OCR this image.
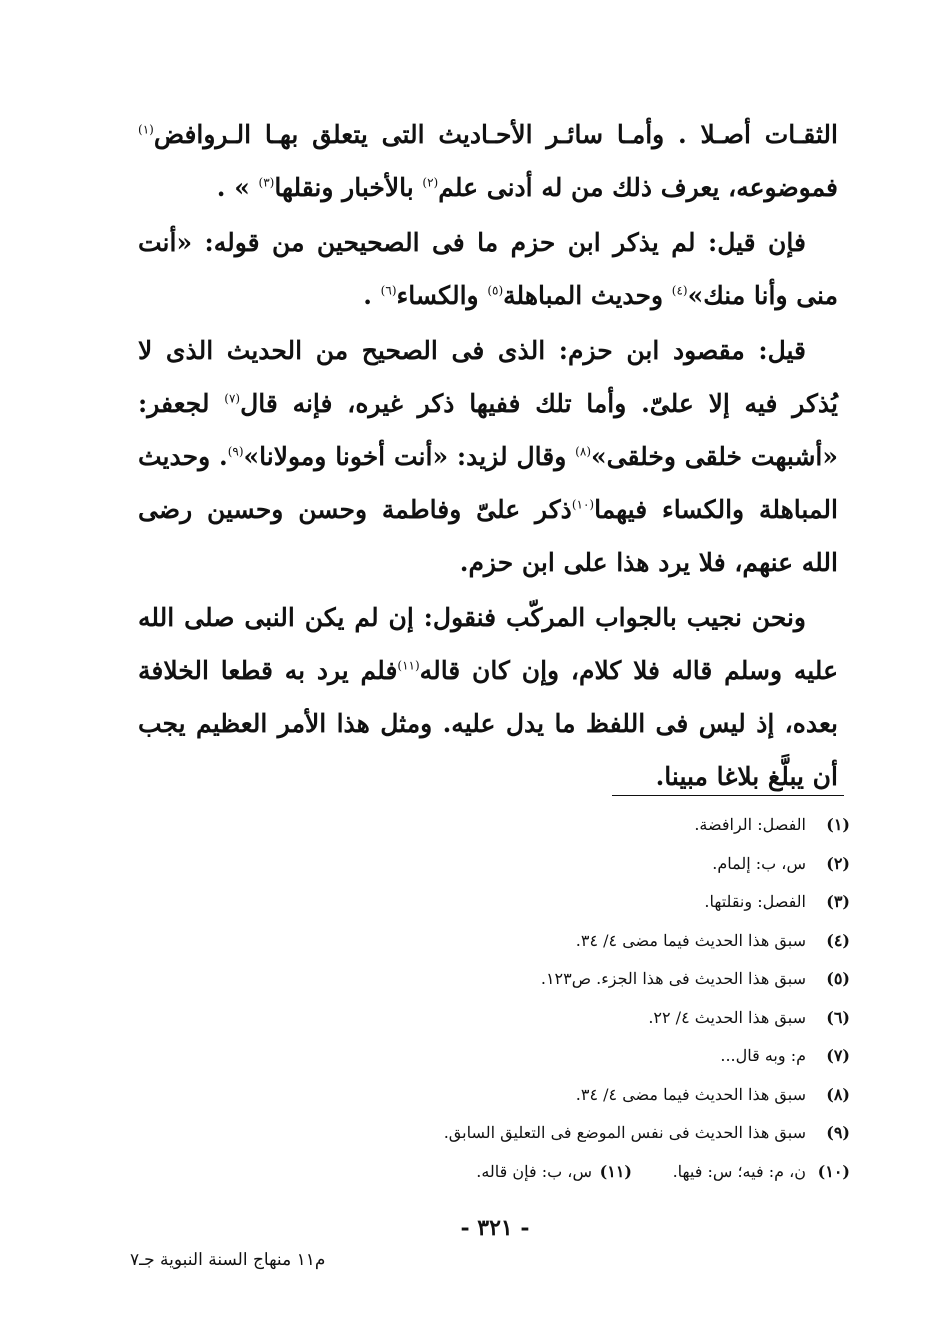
الثقـات أصـلا . وأمـا سائـر الأحـاديث التى يتعلق بهـا الـروافض$^{(١)}$ فموضوعه، يعرف ذلك من له أدنى علم$^{(٢)}$ بالأخبار ونقلها$^{(٣)}$ » .

فإن قيل: لم يذكر ابن حزم ما فى الصحيحين من قوله: «أنت منى وأنا منك»$^{(٤)}$ وحديث المباهلة$^{(٥)}$ والكساء$^{(٦)}$ .

قيل: مقصود ابن حزم: الذى فى الصحيح من الحديث الذى لا يُذكر فيه إلا علىّ. وأما تلك ففيها ذكر غيره، فإنه قال$^{(٧)}$ لجعفر: «أشبهت خلقى وخلقى»$^{(٨)}$ وقال لزيد: «أنت أخونا ومولانا»$^{(٩)}$. وحديث المباهلة والكساء فيهما$^{(١٠)}$ذكر علىّ وفاطمة وحسن وحسين رضى الله عنهم، فلا يرد هذا على ابن حزم.

ونحن نجيب بالجواب المركّب فنقول: إن لم يكن النبى صلى الله عليه وسلم قاله فلا كلام، وإن كان قاله$^{(١١)}$فلم يرد به قطعا الخلافة بعده، إذ ليس فى اللفظ ما يدل عليه. ومثل هذا الأمر العظيم يجب أن يبلَّغ بلاغا مبينا.

(١)
الفصل: الرافضة.
(٢)
س، ب: إلمام.
(٣)
الفصل: ونقلتها.
(٤)
سبق هذا الحديث فيما مضى ٤/ ٣٤.
(٥)
سبق هذا الحديث فى هذا الجزء. ص١٢٣.
(٦)
سبق هذا الحديث ٤/ ٢٢.
(٧)
م: وبه قال...
(٨)
سبق هذا الحديث فيما مضى ٤/ ٣٤.
(٩)
سبق هذا الحديث فى نفس الموضع فى التعليق السابق.
(١٠)
ن، م: فيه؛ س: فيها.
(١١)
س، ب: فإن قاله.
- ٣٢١ -
م١١ منهاج السنة النبوية جـ٧
